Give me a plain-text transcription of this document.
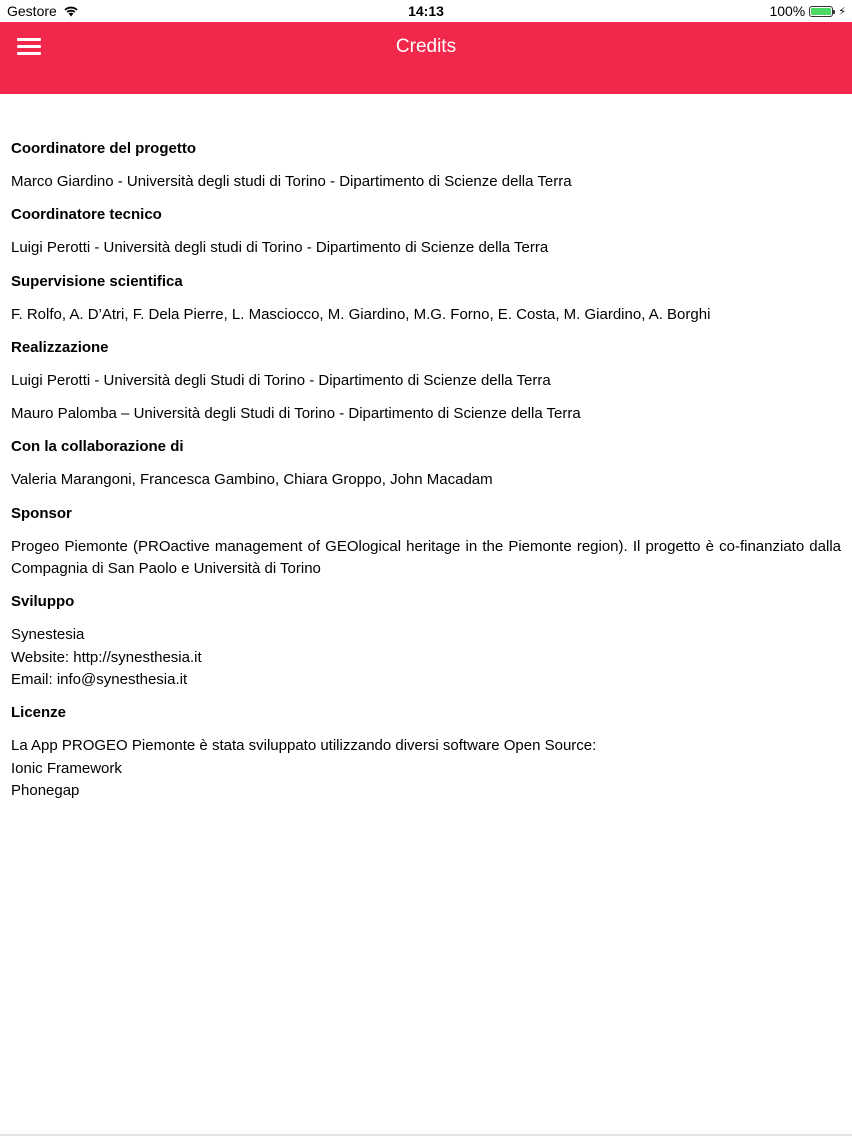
Gestore	14:13	100%	⚡
Credits
Coordinatore del progetto

Marco Giardino - Università degli studi di Torino - Dipartimento di Scienze della Terra

Coordinatore tecnico

Luigi Perotti - Università degli studi di Torino - Dipartimento di Scienze della Terra

Supervisione scientifica

F. Rolfo, A. D’Atri, F. Dela Pierre, L. Masciocco, M. Giardino, M.G. Forno, E. Costa, M. Giardino, A. Borghi

Realizzazione

Luigi Perotti - Università degli Studi di Torino - Dipartimento di Scienze della Terra

Mauro Palomba – Università degli Studi di Torino - Dipartimento di Scienze della Terra

Con la collaborazione di

Valeria Marangoni, Francesca Gambino, Chiara Groppo, John Macadam

Sponsor

Progeo Piemonte (PROactive management of GEOlogical heritage in the Piemonte region). Il progetto è co-finanziato dalla Compagnia di San Paolo e Università di Torino

Sviluppo

Synestesia
Website: http://synesthesia.it
Email: info@synesthesia.it

Licenze

La App PROGEO Piemonte è stata sviluppato utilizzando diversi software Open Source:
Ionic Framework
Phonegap
